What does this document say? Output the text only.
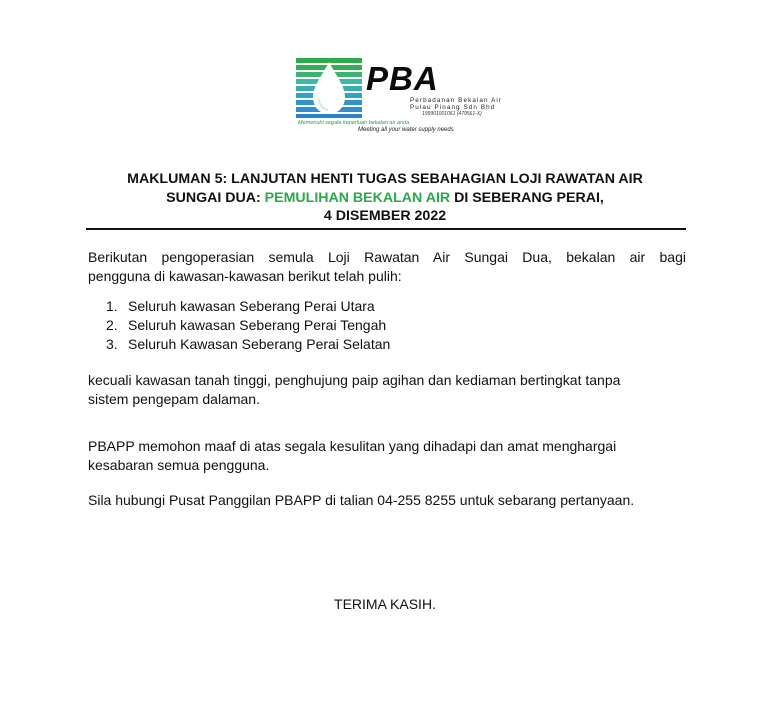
PBA
Perbadanan Bekalan Air
Pulau Pinang Sdn Bhd
199901001061 (479561-X)
Memenuhi segala keperluan bekalan air anda
Meeting all your water supply needs
MAKLUMAN 5: LANJUTAN HENTI TUGAS SEBAHAGIAN LOJI RAWATAN AIR
SUNGAI DUA: PEMULIHAN BEKALAN AIR DI SEBERANG PERAI,
4 DISEMBER 2022
Berikutan pengoperasian semula Loji Rawatan Air Sungai Dua, bekalan air bagi
pengguna di kawasan-kawasan berikut telah pulih:
1. Seluruh kawasan Seberang Perai Utara
2. Seluruh kawasan Seberang Perai Tengah
3. Seluruh Kawasan Seberang Perai Selatan
kecuali kawasan tanah tinggi, penghujung paip agihan dan kediaman bertingkat tanpa
sistem pengepam dalaman.
PBAPP memohon maaf di atas segala kesulitan yang dihadapi dan amat menghargai
kesabaran semua pengguna.
Sila hubungi Pusat Panggilan PBAPP di talian 04-255 8255 untuk sebarang pertanyaan.
TERIMA KASIH.
